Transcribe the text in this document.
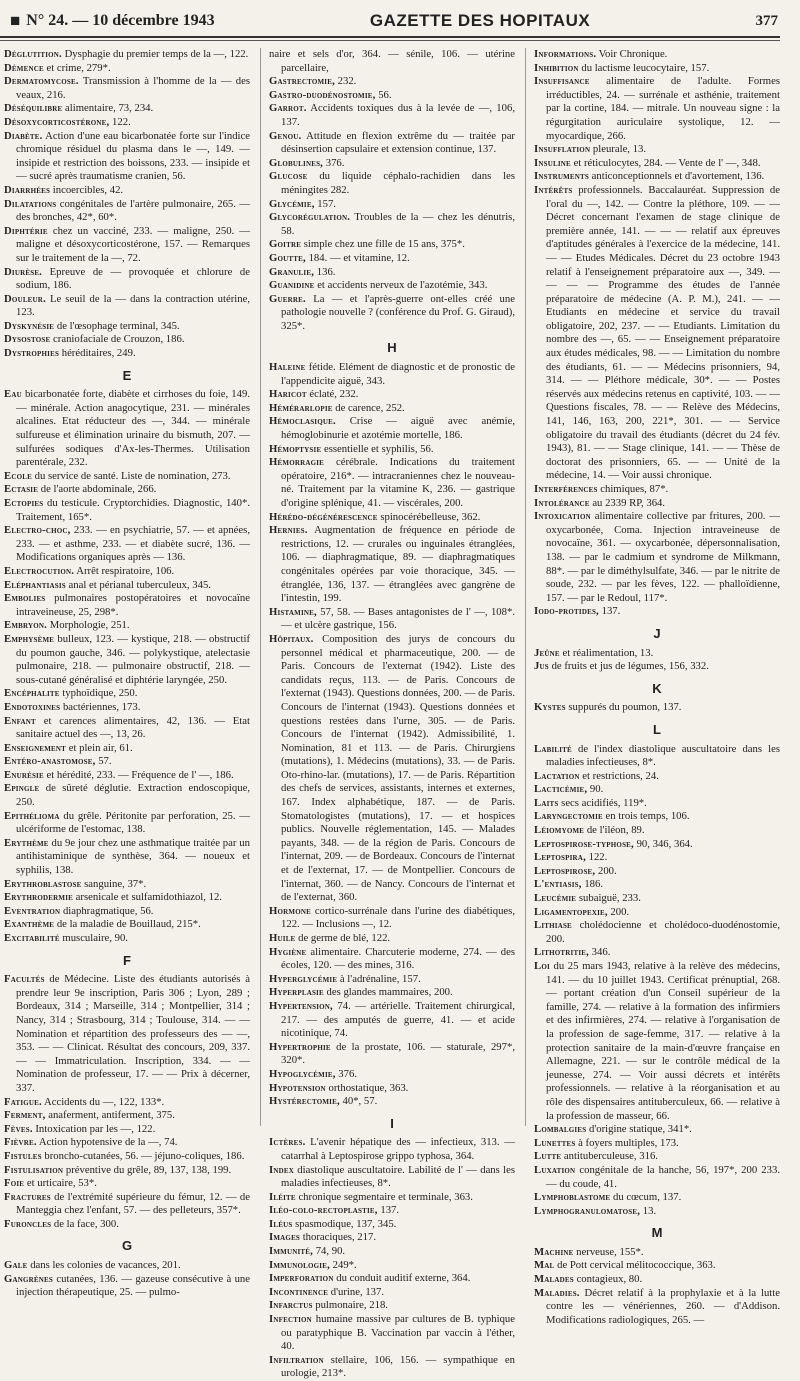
■ N° 24. — 10 décembre 1943	GAZETTE DES HOPITAUX	377

Déglutition. Dysphagie du premier temps de la —, 122.

Démence et crime, 279*.

Dermatomycose. Transmission à l'homme de la — des veaux, 216.

Déséquilibre alimentaire, 73, 234.

Désoxycorticostérone, 122.

Diabète. Action d'une eau bicarbonatée forte sur l'indice chromique résiduel du plasma dans le —, 149. — insipide et restriction des boissons, 233. — insipide et — sucré après traumatisme cranien, 56.

Diarrhées incoercibles, 42.

Dilatations congénitales de l'artère pulmonaire, 265. — des bronches, 42*, 60*.

Diphtérie chez un vacciné, 233. — maligne, 250. — maligne et désoxycorticostérone, 157. — Remarques sur le traitement de la —, 72.

Diurèse. Epreuve de — provoquée et chlorure de sodium, 186.

Douleur. Le seuil de la — dans la contraction utérine, 123.

Dyskynésie de l'œsophage terminal, 345.

Dysostose craniofaciale de Crouzon, 186.

Dystrophies héréditaires, 249.

E

Eau bicarbonatée forte, diabète et cirrhoses du foie, 149. — minérale. Action anagocytique, 231. — minérales alcalines. Etat réducteur des —, 344. — minérale sulfureuse et élimination urinaire du bismuth, 207. — sulfurées sodiques d'Ax-les-Thermes. Utilisation parentérale, 232.

Ecole du service de santé. Liste de nomination, 273.

Ectasie de l'aorte abdominale, 266.

Ectopies du testicule. Cryptorchidies. Diagnostic, 140*. Traitement, 165*.

Electro-choc, 233. — en psychiatrie, 57. — et apnées, 233. — et asthme, 233. — et diabète sucré, 136. — Modifications organiques après — 136.

Electrocution. Arrêt respiratoire, 106.

Eléphantiasis anal et périanal tuberculeux, 345.

Embolies pulmonaires postopératoires et novocaïne intraveineuse, 25, 298*.

Embryon. Morphologie, 251.

Emphysème bulleux, 123. — kystique, 218. — obstructif du poumon gauche, 346. — polykystique, atelectasie pulmonaire, 218. — pulmonaire obstructif, 218. — sous-cutané généralisé et diphtérie laryngée, 250.

Encéphalite typhoïdique, 250.

Endotoxines bactériennes, 173.

Enfant et carences alimentaires, 42, 136. — Etat sanitaire actuel des —, 13, 26.

Enseignement et plein air, 61.

Entéro-anastomose, 57.

Enurésie et hérédité, 233. — Fréquence de l' —, 186.

Epingle de sûreté déglutie. Extraction endoscopique, 250.

Epithélioma du grêle. Péritonite par perforation, 25. — ulcériforme de l'estomac, 138.

Erythème du 9e jour chez une asthmatique traitée par un antihistaminique de synthèse, 364. — noueux et syphilis, 138.

Erythroblastose sanguine, 37*.

Erythrodermie arsenicale et sulfamidothiazol, 12.

Eventration diaphragmatique, 56.

Exanthème de la maladie de Bouillaud, 215*.

Excitabilité musculaire, 90.

F

Facultés de Médecine. Liste des étudiants autorisés à prendre leur 9e inscription, Paris 306 ; Lyon, 289 ; Bordeaux, 314 ; Marseille, 314 ; Montpellier, 314 ; Nancy, 314 ; Strasbourg, 314 ; Toulouse, 314. — — Nomination et répartition des professeurs des — —, 353. — — Clinicat. Résultat des concours, 209, 337. — — Immatriculation. Inscription, 334. — — Nomination de professeur, 17. — — Prix à décerner, 337.

Fatigue. Accidents du —, 122, 133*.

Ferment, anaferment, antiferment, 375.

Fèves. Intoxication par les —, 122.

Fièvre. Action hypotensive de la —, 74.

Fistules broncho-cutanées, 56. — jéjuno-coliques, 186.

Fistulisation préventive du grêle, 89, 137, 138, 199.

Foie et urticaire, 53*.

Fractures de l'extrémité supérieure du fémur, 12. — de Manteggia chez l'enfant, 57. — des pelleteurs, 357*.

Furoncles de la face, 300.

G

Gale dans les colonies de vacances, 201.

Gangrènes cutanées, 136. — gazeuse consécutive à une injection thérapeutique, 25. — pulmo-

naire et sels d'or, 364. — sénile, 106. — utérine parcellaire,

Gastrectomie, 232.

Gastro-duodénostomie, 56.

Garrot. Accidents toxiques dus à la levée de —, 106, 137.

Genou. Attitude en flexion extrême du — traitée par désinsertion capsulaire et extension continue, 137.

Globulines, 376.

Glucose du liquide céphalo-rachidien dans les méningites 282.

Glycémie, 157.

Glycorégulation. Troubles de la — chez les dénutris, 58.

Goitre simple chez une fille de 15 ans, 375*.

Goutte, 184. — et vitamine, 12.

Granulie, 136.

Guanidine et accidents nerveux de l'azotémie, 343.

Guerre. La — et l'après-guerre ont-elles créé une pathologie nouvelle ? (conférence du Prof. G. Giraud), 325*.

H

Haleine fétide. Elément de diagnostic et de pronostic de l'appendicite aiguë, 343.

Haricot éclaté, 232.

Hémérarlopie de carence, 252.

Hémoclasique. Crise — aiguë avec anémie, hémoglobinurie et azotémie mortelle, 186.

Hémoptysie essentielle et syphilis, 56.

Hémorragie cérébrale. Indications du traitement opératoire, 216*. — intracraniennes chez le nouveau-né. Traitement par la vitamine K, 236. — gastrique d'origine splénique, 41. — viscérales, 200.

Hérédo-dégénérescence spinocérébelleuse, 362.

Hernies. Augmentation de fréquence en période de restrictions, 12. — crurales ou inguinales étranglées, 106. — diaphragmatique, 89. — diaphragmatiques congénitales opérées par voie thoracique, 345. — étranglée, 136, 137. — étranglées avec gangrène de l'intestin, 199.

Histamine, 57, 58. — Bases antagonistes de l' —, 108*. — et ulcère gastrique, 156.

Hôpitaux. Composition des jurys de concours du personnel médical et pharmaceutique, 200. — de Paris. Concours de l'externat (1942). Liste des candidats reçus, 113. — de Paris. Concours de l'externat (1943). Questions données, 200. — de Paris. Concours de l'internat (1943). Questions données et questions restées dans l'urne, 305. — de Paris. Concours de l'internat (1942). Admissibilité, 1. Nomination, 81 et 113. — de Paris. Chirurgiens (mutations), 1. Médecins (mutations), 33. — de Paris. Oto-rhino-lar. (mutations), 17. — de Paris. Répartition des chefs de services, assistants, internes et externes, 167. Index alphabétique, 187. — de Paris. Stomatologistes (mutations), 17. — et hospices publics. Nouvelle réglementation, 145. — Malades payants, 348. — de la région de Paris. Concours de l'internat, 209. — de Bordeaux. Concours de l'internat et de l'externat, 17. — de Montpellier. Concours de l'internat, 360. — de Nancy. Concours de l'internat et de l'externat, 360.

Hormone cortico-surrénale dans l'urine des diabétiques, 122. — Inclusions —, 12.

Huile de germe de blé, 122.

Hygiène alimentaire. Charcuterie moderne, 274. — des écoles, 120. — des mines, 316.

Hyperglycémie à l'adrénaline, 157.

Hyperplasie des glandes mammaires, 200.

Hypertension, 74. — artérielle. Traitement chirurgical, 217. — des amputés de guerre, 41. — et acide nicotinique, 74.

Hypertrophie de la prostate, 106. — staturale, 297*, 320*.

Hypoglycémie, 376.

Hypotension orthostatique, 363.

Hystérectomie, 40*, 57.

I

Ictères. L'avenir hépatique des — infectieux, 313. — catarrhal à Leptospirose grippo typhosa, 364.

Index diastolique auscultatoire. Labilité de l' — dans les maladies infectieuses, 8*.

Iléite chronique segmentaire et terminale, 363.

Iléo-colo-rectoplastie, 137.

Iléus spasmodique, 137, 345.

Images thoraciques, 217.

Immunité, 74, 90.

Immunologie, 249*.

Imperforation du conduit auditif externe, 364.

Incontinence d'urine, 137.

Infarctus pulmonaire, 218.

Infection humaine massive par cultures de B. typhique ou paratyphique B. Vaccination par vaccin à l'éther, 40.

Infiltration stellaire, 106, 156. — sympathique en urologie, 213*.

Informations. Voir Chronique.

Inhibition du lactisme leucocytaire, 157.

Insuffisance alimentaire de l'adulte. Formes irréductibles, 24. — surrénale et asthénie, traitement par la cortine, 184. — mitrale. Un nouveau signe : la régurgitation auriculaire systolique, 12. — myocardique, 266.

Insufflation pleurale, 13.

Insuline et réticulocytes, 284. — Vente de l' —, 348.

Instruments anticonceptionnels et d'avortement, 136.

Intérêts professionnels. Baccalauréat. Suppression de l'oral du —, 142. — Contre la pléthore, 109. — — Décret concernant l'examen de stage clinique de première année, 141. — — — relatif aux épreuves d'aptitudes générales à l'exercice de la médecine, 141. — — Etudes Médicales. Décret du 23 octobre 1943 relatif à l'enseignement préparatoire aux —, 349. — — — — Programme des études de l'année préparatoire de médecine (A. P. M.), 241. — — Etudiants en médecine et service du travail obligatoire, 202, 237. — — Etudiants. Limitation du nombre des —, 65. — — Enseignement préparatoire aux études médicales, 98. — — Limitation du nombre des étudiants, 61. — — Médecins prisonniers, 94, 314. — — Pléthore médicale, 30*. — — Postes réservés aux médecins retenus en captivité, 103. — — Questions fiscales, 78. — — Relève des Médecins, 141, 146, 163, 200, 221*, 301. — — Service obligatoire du travail des étudiants (décret du 24 fév. 1943), 81. — — Stage clinique, 141. — — Thèse de doctorat des prisonniers, 65. — — Unité de la médecine, 14. — Voir aussi chronique.

Interférences chimiques, 87*.

Intolérance au 2339 RP, 364.

Intoxication alimentaire collective par fritures, 200. — oxycarbonée, Coma. Injection intraveineuse de novocaïne, 361. — oxycarbonée, dépersonnalisation, 138. — par le cadmium et syndrome de Milkmann, 88*. — par le diméthylsulfate, 346. — par le nitrite de soude, 232. — par les fèves, 122. — phalloïdienne, 157. — par le Redoul, 117*.

Iodo-protides, 137.

J

Jeûne et réalimentation, 13.

Jus de fruits et jus de légumes, 156, 332.

K

Kystes suppurés du poumon, 137.

L

Labilité de l'index diastolique auscultatoire dans les maladies infectieuses, 8*.

Lactation et restrictions, 24.

Lacticémie, 90.

Laits secs acidifiés, 119*.

Laryngectomie en trois temps, 106.

Léiomyome de l'iléon, 89.

Leptospirose-typhose, 90, 346, 364.

Leptospira, 122.

Leptospirose, 200.

L'entiasis, 186.

Leucémie subaiguë, 233.

Ligamentopexie, 200.

Lithiase cholédocienne et cholédoco-duodénostomie, 200.

Lithotritie, 346.

Loi du 25 mars 1943, relative à la relève des médecins, 141. — du 10 juillet 1943. Certificat prénuptial, 268. — portant création d'un Conseil supérieur de la famille, 274. — relative à la formation des infirmiers et des infirmières, 274. — relative à l'organisation de la profession de sage-femme, 317. — relative à la protection sanitaire de la main-d'œuvre française en Allemagne, 221. — sur le contrôle médical de la jeunesse, 274. — Voir aussi décrets et intérêts professionnels. — relative à la réorganisation et au rôle des dispensaires antituberculeux, 66. — relative à la profession de masseur, 66.

Lombalgies d'origine statique, 341*.

Lunettes à foyers multiples, 173.

Lutte antituberculeuse, 316.

Luxation congénitale de la hanche, 56, 197*, 200 233. — du coude, 41.

Lymphoblastome du cœcum, 137.

Lymphogranulomatose, 13.

M

Machine nerveuse, 155*.

Mal de Pott cervical mélitococcique, 363.

Malades contagieux, 80.

Maladies. Décret relatif à la prophylaxie et à la lutte contre les — vénériennes, 260. — d'Addison. Modifications radiologiques, 265. —
